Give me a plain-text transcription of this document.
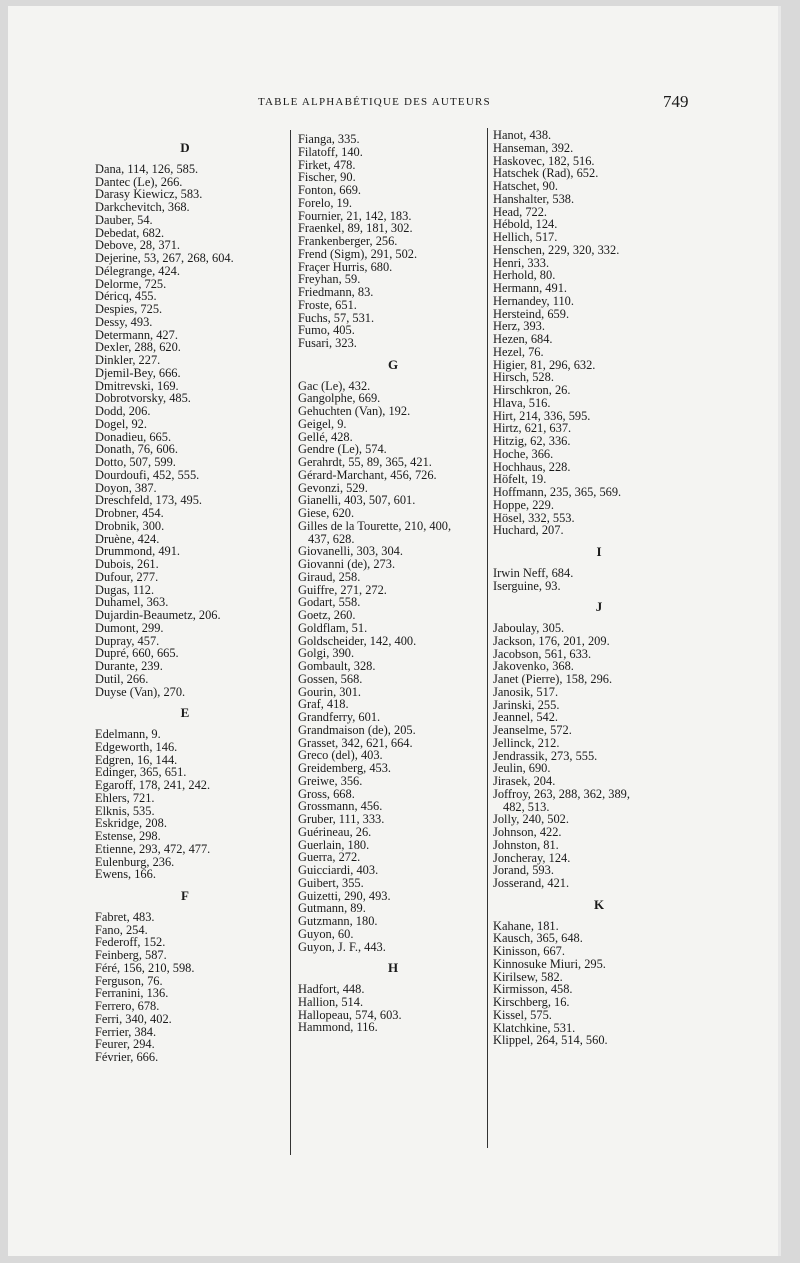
TABLE ALPHABÉTIQUE DES AUTEURS	749
D
Dana, 114, 126, 585.
Dantec (Le), 266.
Darasy Kiewicz, 583.
Darkchevitch, 368.
Dauber, 54.
Debedat, 682.
Debove, 28, 371.
Dejerine, 53, 267, 268, 604.
Délegrange, 424.
Delorme, 725.
Déricq, 455.
Despies, 725.
Dessy, 493.
Determann, 427.
Dexler, 288, 620.
Dinkler, 227.
Djemil-Bey, 666.
Dmitrevski, 169.
Dobrotvorsky, 485.
Dodd, 206.
Dogel, 92.
Donadieu, 665.
Donath, 76, 606.
Dotto, 507, 599.
Dourdoufi, 452, 555.
Doyon, 387.
Dreschfeld, 173, 495.
Drobner, 454.
Drobnik, 300.
Druène, 424.
Drummond, 491.
Dubois, 261.
Dufour, 277.
Dugas, 112.
Duhamel, 363.
Dujardin-Beaumetz, 206.
Dumont, 299.
Dupray, 457.
Dupré, 660, 665.
Durante, 239.
Dutil, 266.
Duyse (Van), 270.
E
Edelmann, 9.
Edgeworth, 146.
Edgren, 16, 144.
Edinger, 365, 651.
Egaroff, 178, 241, 242.
Ehlers, 721.
Elknis, 535.
Eskridge, 208.
Estense, 298.
Etienne, 293, 472, 477.
Eulenburg, 236.
Ewens, 166.
F
Fabret, 483.
Fano, 254.
Federoff, 152.
Feinberg, 587.
Féré, 156, 210, 598.
Ferguson, 76.
Ferranini, 136.
Ferrero, 678.
Ferri, 340, 402.
Ferrier, 384.
Feurer, 294.
Février, 666.
Fianga, 335.
Filatoff, 140.
Firket, 478.
Fischer, 90.
Fonton, 669.
Forelo, 19.
Fournier, 21, 142, 183.
Fraenkel, 89, 181, 302.
Frankenberger, 256.
Frend (Sigm), 291, 502.
Fraçer Hurris, 680.
Freyhan, 59.
Friedmann, 83.
Froste, 651.
Fuchs, 57, 531.
Fumo, 405.
Fusari, 323.
G
Gac (Le), 432.
Gangolphe, 669.
Gehuchten (Van), 192.
Geigel, 9.
Gellé, 428.
Gendre (Le), 574.
Gerahrdt, 55, 89, 365, 421.
Gérard-Marchant, 456, 726.
Gevonzi, 529.
Gianelli, 403, 507, 601.
Giese, 620.
Gilles de la Tourette, 210, 400,
437, 628.
Giovanelli, 303, 304.
Giovanni (de), 273.
Giraud, 258.
Guiffre, 271, 272.
Godart, 558.
Goetz, 260.
Goldflam, 51.
Goldscheider, 142, 400.
Golgi, 390.
Gombault, 328.
Gossen, 568.
Gourin, 301.
Graf, 418.
Grandferry, 601.
Grandmaison (de), 205.
Grasset, 342, 621, 664.
Greco (del), 403.
Greidemberg, 453.
Greiwe, 356.
Gross, 668.
Grossmann, 456.
Gruber, 111, 333.
Guérineau, 26.
Guerlain, 180.
Guerra, 272.
Guicciardi, 403.
Guibert, 355.
Guizetti, 290, 493.
Gutmann, 89.
Gutzmann, 180.
Guyon, 60.
Guyon, J. F., 443.
H
Hadfort, 448.
Hallion, 514.
Hallopeau, 574, 603.
Hammond, 116.
Hanot, 438.
Hanseman, 392.
Haskovec, 182, 516.
Hatschek (Rad), 652.
Hatschet, 90.
Hanshalter, 538.
Head, 722.
Hébold, 124.
Hellich, 517.
Henschen, 229, 320, 332.
Henri, 333.
Herhold, 80.
Hermann, 491.
Hernandey, 110.
Hersteind, 659.
Herz, 393.
Hezen, 684.
Hezel, 76.
Higier, 81, 296, 632.
Hirsch, 528.
Hirschkron, 26.
Hlava, 516.
Hirt, 214, 336, 595.
Hirtz, 621, 637.
Hitzig, 62, 336.
Hoche, 366.
Hochhaus, 228.
Höfelt, 19.
Hoffmann, 235, 365, 569.
Hoppe, 229.
Hösel, 332, 553.
Huchard, 207.
I
Irwin Neff, 684.
Iserguine, 93.
J
Jaboulay, 305.
Jackson, 176, 201, 209.
Jacobson, 561, 633.
Jakovenko, 368.
Janet (Pierre), 158, 296.
Janosik, 517.
Jarinski, 255.
Jeannel, 542.
Jeanselme, 572.
Jellinck, 212.
Jendrassik, 273, 555.
Jeulin, 690.
Jirasek, 204.
Joffroy, 263, 288, 362, 389,
482, 513.
Jolly, 240, 502.
Johnson, 422.
Johnston, 81.
Joncheray, 124.
Jorand, 593.
Josserand, 421.
K
Kahane, 181.
Kausch, 365, 648.
Kinisson, 667.
Kinnosuke Miuri, 295.
Kirilsew, 582.
Kirmisson, 458.
Kirschberg, 16.
Kissel, 575.
Klatchkine, 531.
Klippel, 264, 514, 560.
